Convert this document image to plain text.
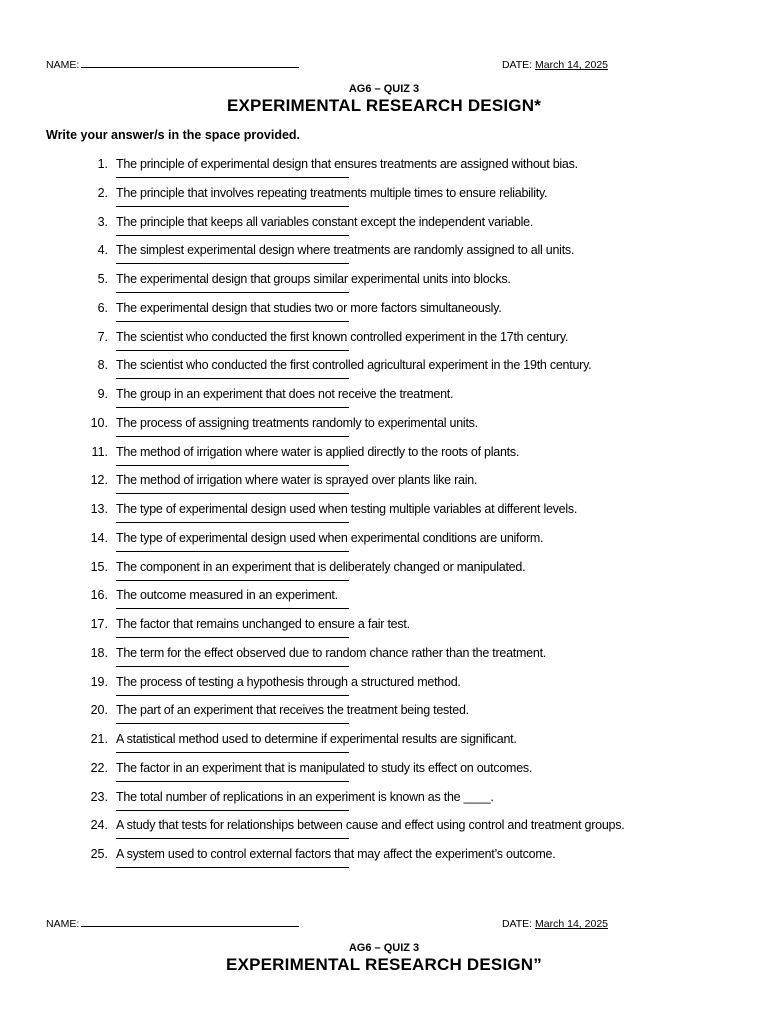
NAME:	DATE: March 14, 2025
AG6 – QUIZ 3
EXPERIMENTAL RESEARCH DESIGN*
Write your answer/s in the space provided.
1. The principle of experimental design that ensures treatments are assigned without bias.
2. The principle that involves repeating treatments multiple times to ensure reliability.
3. The principle that keeps all variables constant except the independent variable.
4. The simplest experimental design where treatments are randomly assigned to all units.
5. The experimental design that groups similar experimental units into blocks.
6. The experimental design that studies two or more factors simultaneously.
7. The scientist who conducted the first known controlled experiment in the 17th century.
8. The scientist who conducted the first controlled agricultural experiment in the 19th century.
9. The group in an experiment that does not receive the treatment.
10. The process of assigning treatments randomly to experimental units.
11. The method of irrigation where water is applied directly to the roots of plants.
12. The method of irrigation where water is sprayed over plants like rain.
13. The type of experimental design used when testing multiple variables at different levels.
14. The type of experimental design used when experimental conditions are uniform.
15. The component in an experiment that is deliberately changed or manipulated.
16. The outcome measured in an experiment.
17. The factor that remains unchanged to ensure a fair test.
18. The term for the effect observed due to random chance rather than the treatment.
19. The process of testing a hypothesis through a structured method.
20. The part of an experiment that receives the treatment being tested.
21. A statistical method used to determine if experimental results are significant.
22. The factor in an experiment that is manipulated to study its effect on outcomes.
23. The total number of replications in an experiment is known as the ____.
24. A study that tests for relationships between cause and effect using control and treatment groups.
25. A system used to control external factors that may affect the experiment’s outcome.
NAME:	DATE: March 14, 2025
AG6 – QUIZ 3
EXPERIMENTAL RESEARCH DESIGN”
